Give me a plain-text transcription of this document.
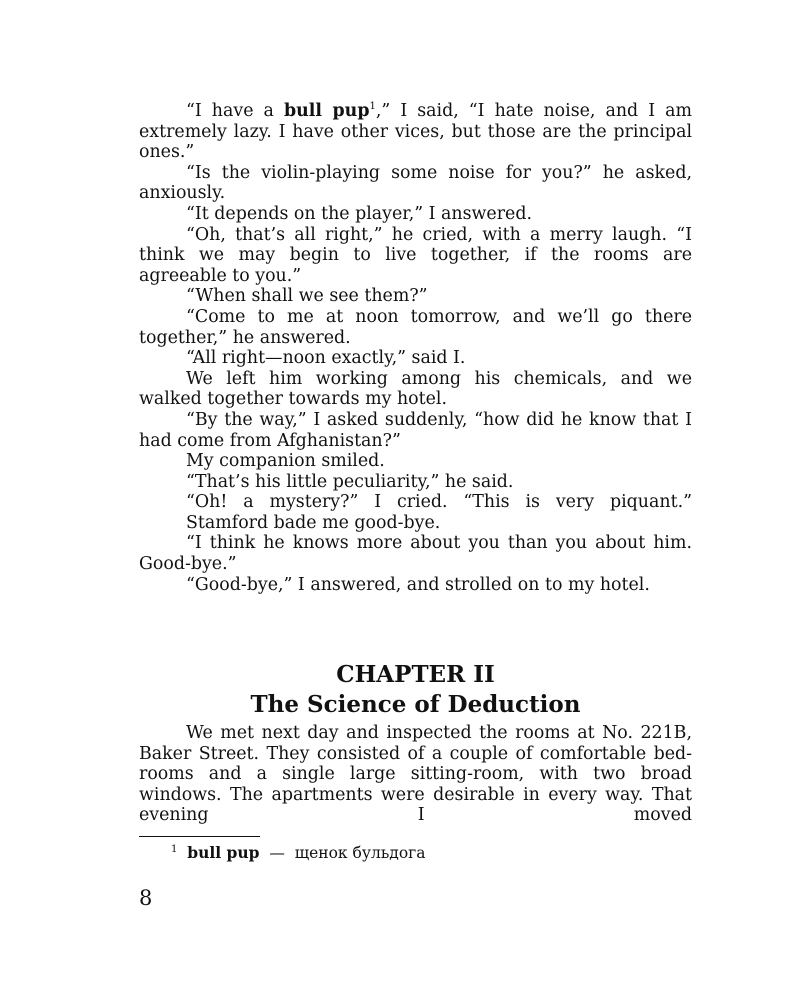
“I have a bull pup$^1$,” I said, “I hate noise, and I am extremely lazy. I have other vices, but those are the principal ones.”

“Is the violin-playing some noise for you?” he asked, anxiously.

“It depends on the player,” I answered.

“Oh, that’s all right,” he cried, with a merry laugh. “I think we may begin to live together, if the rooms are agreeable to you.”

“When shall we see them?”

“Come to me at noon tomorrow, and we’ll go there together,” he answered.

“All right—noon exactly,” said I.

We left him working among his chemicals, and we walked together towards my hotel.

“By the way,” I asked suddenly, “how did he know that I had come from Afghanistan?”

My companion smiled.

“That’s his little peculiarity,” he said.

“Oh! a mystery?” I cried. “This is very piquant.”

Stamford bade me good-bye.

“I think he knows more about you than you about him. Good-bye.”

“Good-bye,” I answered, and strolled on to my hotel.

CHAPTER II
The Science of Deduction

We met next day and inspected the rooms at No. 221B, Baker Street. They consisted of a couple of comfortable bed-rooms and a single large sitting-room, with two broad windows. The apartments were desirable in every way. That evening I moved

$^1$ bull pup — щенок бульдога
8
